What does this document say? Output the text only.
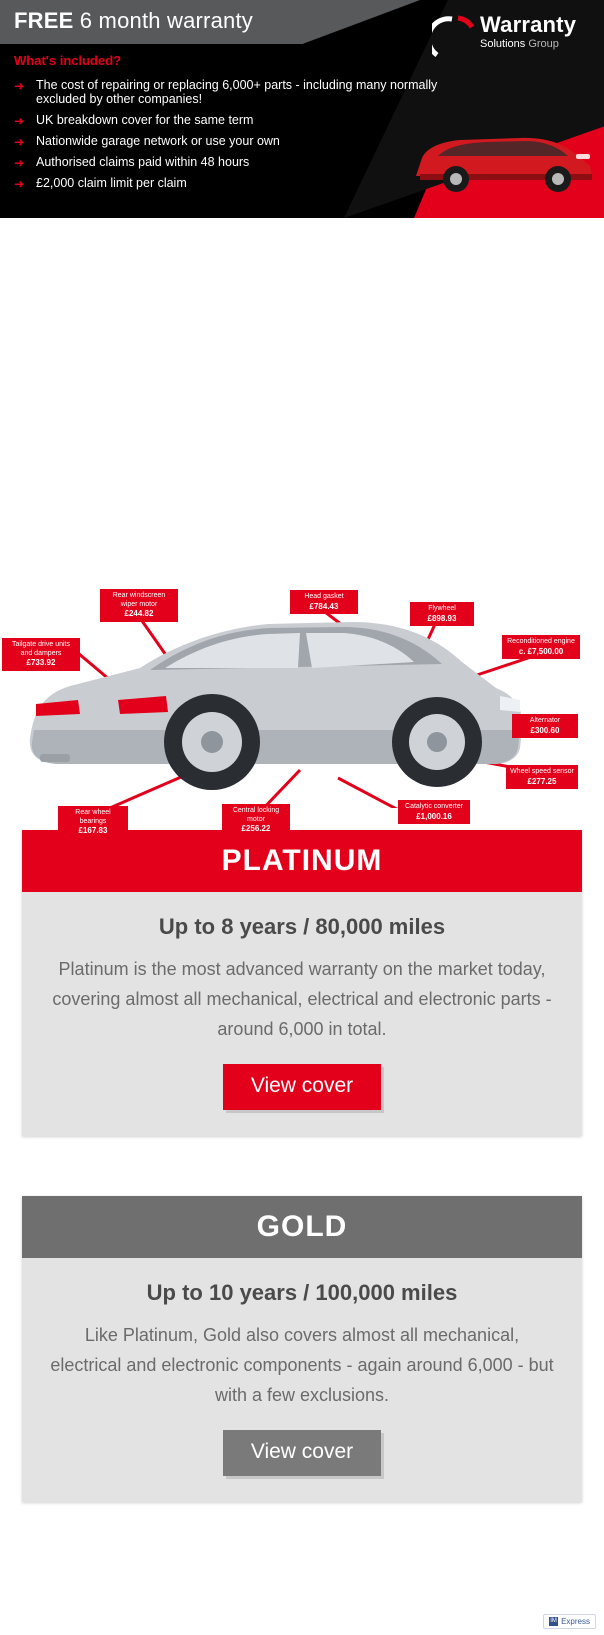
FREE 6 month warranty
What's included?
➜
The cost of repairing or replacing 6,000+ parts - including many normally excluded by other companies!
➜
UK breakdown cover for the same term
➜
Nationwide garage network or use your own
➜
Authorised claims paid within 48 hours
➜
£2,000 claim limit per claim
Warranty
Solutions Group
Tailgate drive units and dampers
£733.92
Rear windscreen wiper motor
£244.82
Head gasket
£784.43	Flywheel
£898.93
Reconditioned engine
c. £7,500.00
Alternator
£300.60
Wheel speed sensor
£277.25
Catalytic converter
£1,000.16
Central locking motor
£256.22
Rear wheel bearings
£167.83
PLATINUM
Up to 8 years / 80,000 miles
Platinum is the most advanced warranty on the market today, covering almost all mechanical, electrical and electronic parts - around 6,000 in total.
View cover
GOLD
Up to 10 years / 100,000 miles
Like Platinum, Gold also covers almost all mechanical, electrical and electronic components - again around 6,000 - but with a few exclusions.
View cover
IM Express
